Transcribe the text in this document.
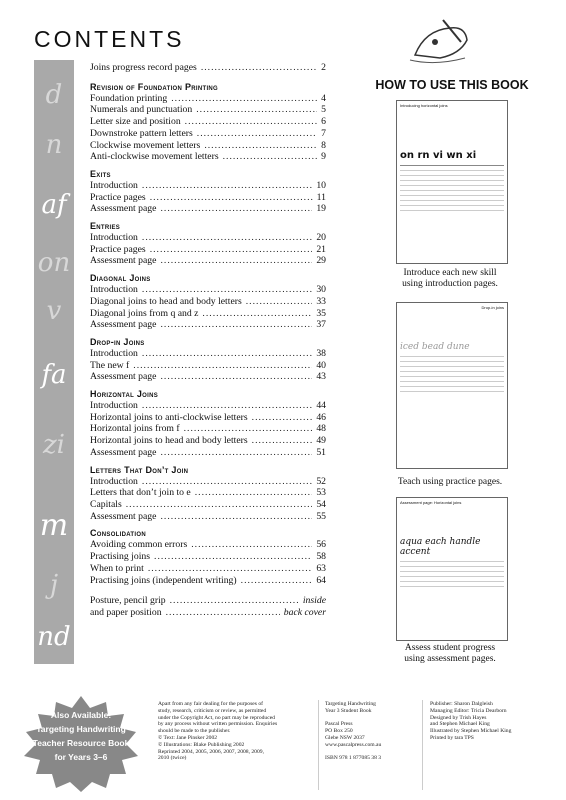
CONTENTS
d
n
af
on
v
fa
zi
m
j
nd
Joins progress record pages .....	2
Revision of Foundation Printing
Foundation printing .....	4
Numerals and punctuation .....	5
Letter size and position .....	6
Downstroke pattern letters .....	7
Clockwise movement letters .....	8
Anti-clockwise movement letters .....	9
Exits
Introduction .....	10
Practice pages .....	11
Assessment page .....	19
Entries
Introduction .....	20
Practice pages .....	21
Assessment page .....	29
Diagonal Joins
Introduction .....	30
Diagonal joins to head and body letters .....	33
Diagonal joins from q and z .....	35
Assessment page .....	37
Drop-in Joins
Introduction .....	38
The new f .....	40
Assessment page .....	43
Horizontal Joins
Introduction .....	44
Horizontal joins to anti-clockwise letters .....	46
Horizontal joins from f .....	48
Horizontal joins to head and body letters .....	49
Assessment page .....	51
Letters That Don’t Join
Introduction .....	52
Letters that don’t join to e .....	53
Capitals .....	54
Assessment page .....	55
Consolidation
Avoiding common errors .....	56
Practising joins .....	58
When to print .....	63
Practising joins (independent writing) .....	64
Posture, pencil grip .....	inside
and paper position .....	back cover
HOW TO USE THIS BOOK
Introducing horizontal joins
on rn vi wn xi
Introduce each new skill
using introduction pages.
Drop-in joins
iced bead dune
Teach using practice pages.
Assessment page: Horizontal joins
aqua each handle accent
Assess student progress
using assessment pages.
Also Available!
Targeting Handwriting
Teacher Resource Book
for Years 3–6
Apart from any fair dealing for the purposes of
study, research, criticism or review, as permitted
under the Copyright Act, no part may be reproduced
by any process without written permission. Enquiries
should be made to the publisher.
© Text: Jane Pinsker 2002
© Illustrations: Blake Publishing 2002
Reprinted 2004, 2005, 2006, 2007, 2008, 2009,
2010 (twice)
Targeting Handwriting
Year 3 Student Book
Pascal Press
PO Box 250
Glebe NSW 2037
www.pascalpress.com.au
ISBN 978 1 877085 38 3
Publisher: Sharon Dalgleish
Managing Editor: Tricia Dearborn
Designed by Trish Hayes
and Stephen Michael King
Illustrated by Stephen Michael King
Printed by tara TPS
